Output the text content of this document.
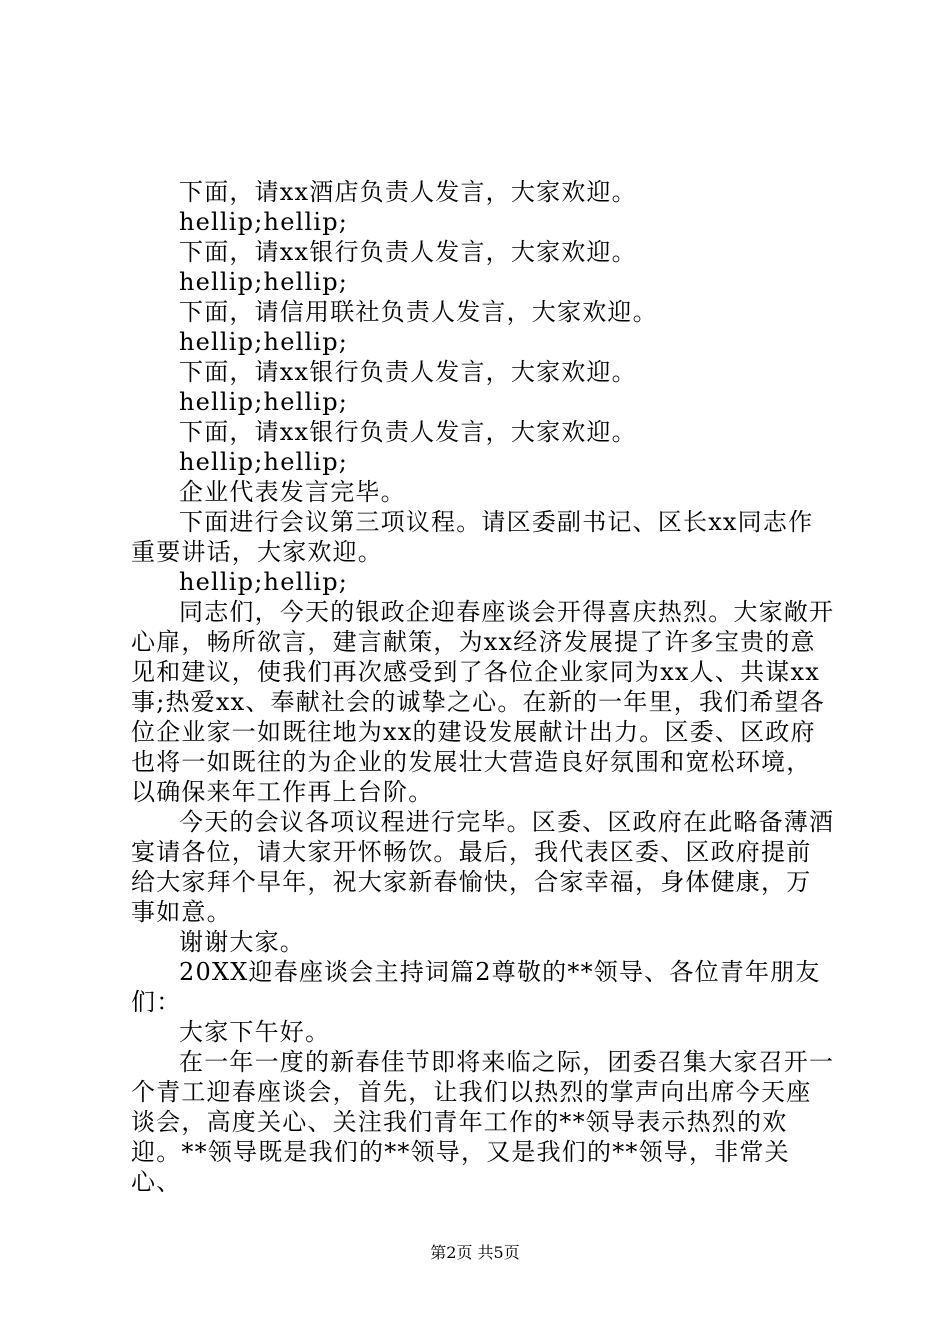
下面，请xx酒店负责人发言，大家欢迎。

hellip;hellip;

下面，请xx银行负责人发言，大家欢迎。

hellip;hellip;

下面，请信用联社负责人发言，大家欢迎。

hellip;hellip;

下面，请xx银行负责人发言，大家欢迎。

hellip;hellip;

下面，请xx银行负责人发言，大家欢迎。

hellip;hellip;

企业代表发言完毕。

下面进行会议第三项议程。请区委副书记、区长xx同志作重要讲话，大家欢迎。

hellip;hellip;

同志们，今天的银政企迎春座谈会开得喜庆热烈。大家敞开心扉，畅所欲言，建言献策，为xx经济发展提了许多宝贵的意见和建议，使我们再次感受到了各位企业家同为xx人、共谋xx事;热爱xx、奉献社会的诚挚之心。在新的一年里，我们希望各位企业家一如既往地为xx的建设发展献计出力。区委、区政府也将一如既往的为企业的发展壮大营造良好氛围和宽松环境，以确保来年工作再上台阶。

今天的会议各项议程进行完毕。区委、区政府在此略备薄酒宴请各位，请大家开怀畅饮。最后，我代表区委、区政府提前给大家拜个早年，祝大家新春愉快，合家幸福，身体健康，万事如意。

谢谢大家。

20XX迎春座谈会主持词篇2尊敬的**领导、各位青年朋友们：

大家下午好。

在一年一度的新春佳节即将来临之际，团委召集大家召开一个青工迎春座谈会，首先，让我们以热烈的掌声向出席今天座谈会，高度关心、关注我们青年工作的**领导表示热烈的欢迎。**领导既是我们的**领导，又是我们的**领导，非常关心、

第2页 共5页
